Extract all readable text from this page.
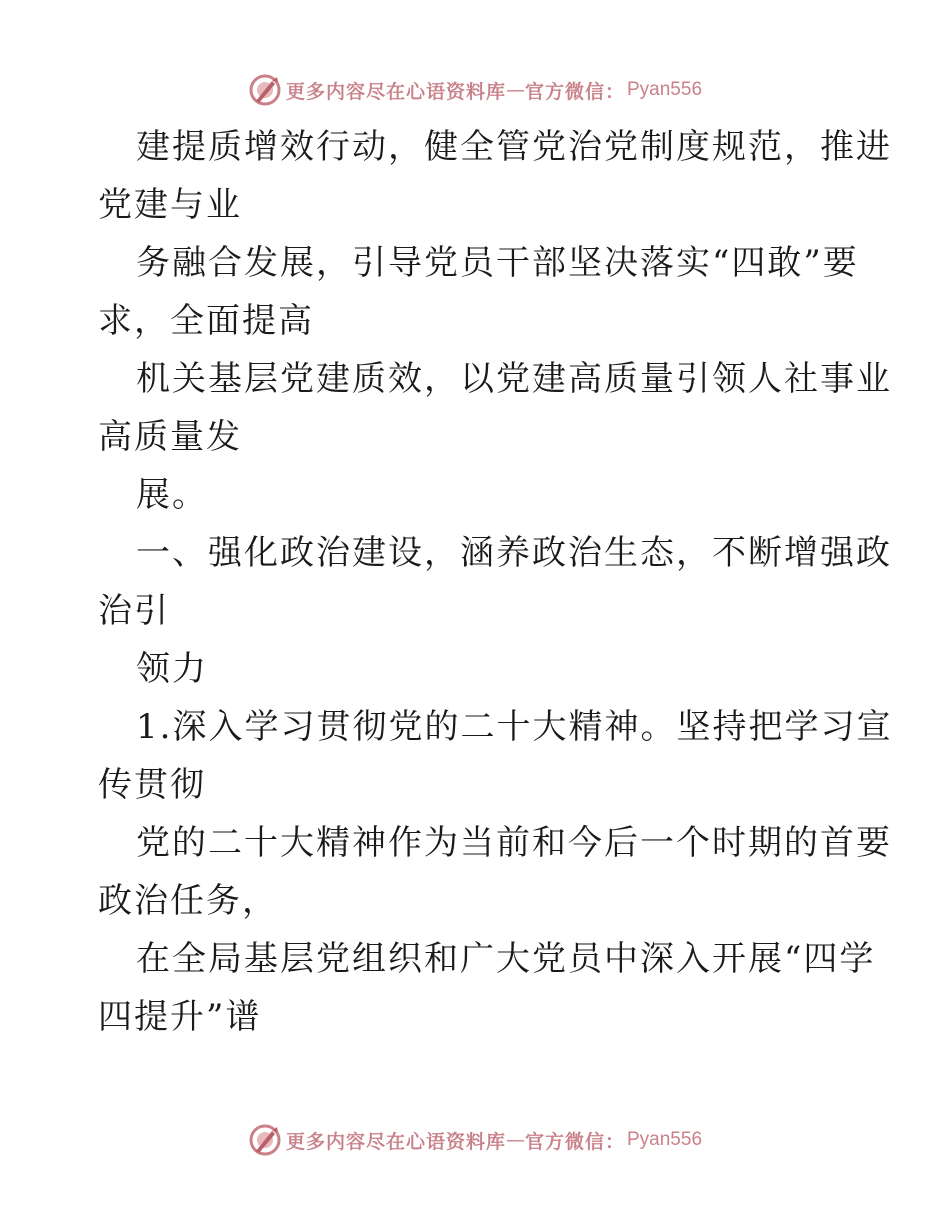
更多内容尽在心语资料库 — 官方微信： Pyan556
建提质增效行动，健全管党治党制度规范，推进
党建与业
务融合发展，引导党员干部坚决落实“四敢”要
求，全面提高
机关基层党建质效，以党建高质量引领人社事业
高质量发
展。
一、强化政治建设，涵养政治生态，不断增强政
治引
领力
1.深入学习贯彻党的二十大精神。坚持把学习宣
传贯彻
党的二十大精神作为当前和今后一个时期的首要
政治任务，
在全局基层党组织和广大党员中深入开展“四学
四提升”谱
更多内容尽在心语资料库 — 官方微信： Pyan556
